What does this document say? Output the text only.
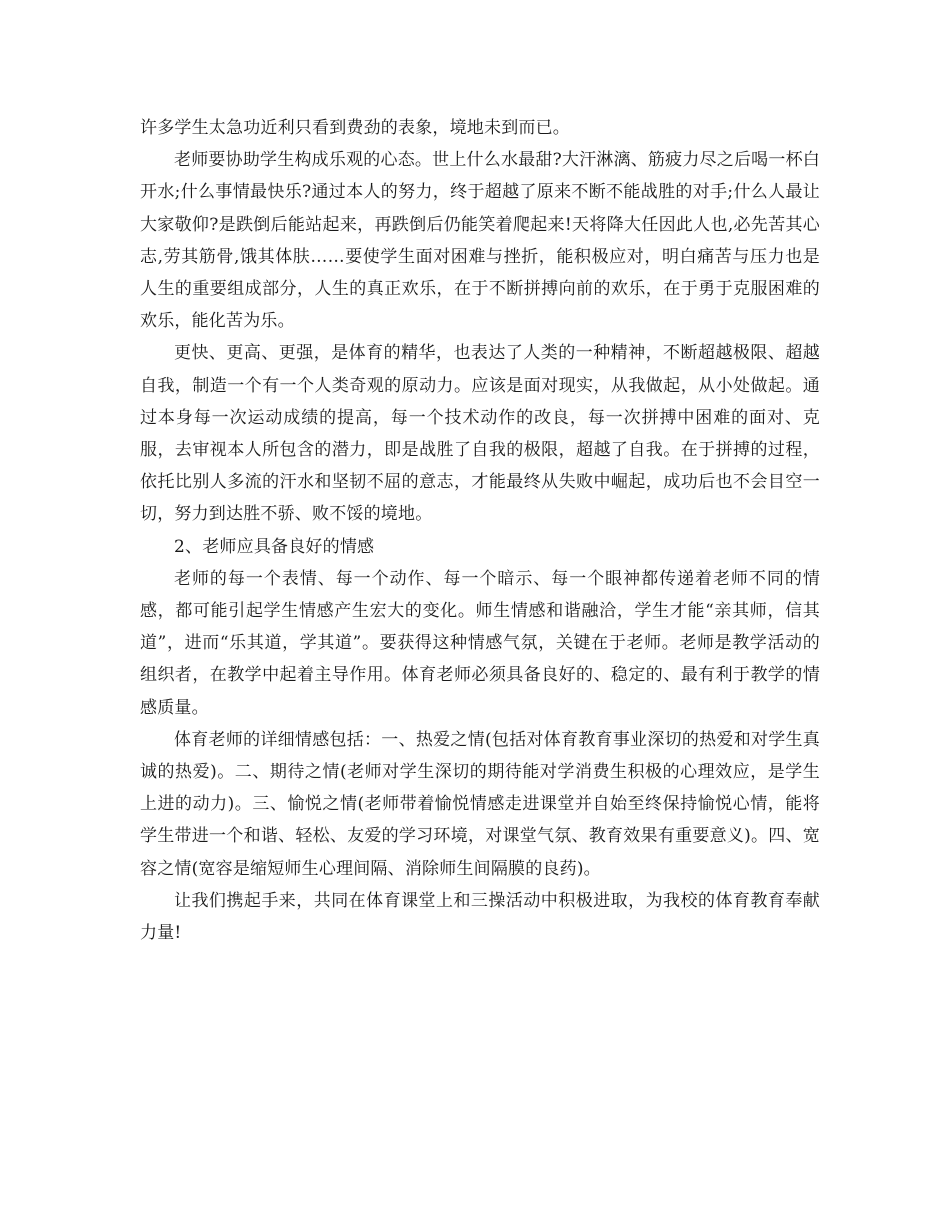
许多学生太急功近利只看到费劲的表象，境地未到而已。

老师要协助学生构成乐观的心态。世上什么水最甜?大汗淋漓、筋疲力尽之后喝一杯白开水;什么事情最快乐?通过本人的努力，终于超越了原来不断不能战胜的对手;什么人最让大家敬仰?是跌倒后能站起来，再跌倒后仍能笑着爬起来!天将降大任因此人也,必先苦其心志,劳其筋骨,饿其体肤……要使学生面对困难与挫折，能积极应对，明白痛苦与压力也是人生的重要组成部分，人生的真正欢乐，在于不断拼搏向前的欢乐，在于勇于克服困难的欢乐，能化苦为乐。

更快、更高、更强，是体育的精华，也表达了人类的一种精神，不断超越极限、超越自我，制造一个有一个人类奇观的原动力。应该是面对现实，从我做起，从小处做起。通过本身每一次运动成绩的提高，每一个技术动作的改良，每一次拼搏中困难的面对、克服，去审视本人所包含的潜力，即是战胜了自我的极限，超越了自我。在于拼搏的过程，依托比别人多流的汗水和坚韧不屈的意志，才能最终从失败中崛起，成功后也不会目空一切，努力到达胜不骄、败不馁的境地。

2、老师应具备良好的情感

老师的每一个表情、每一个动作、每一个暗示、每一个眼神都传递着老师不同的情感，都可能引起学生情感产生宏大的变化。师生情感和谐融洽，学生才能“亲其师，信其道”，进而“乐其道，学其道”。要获得这种情感气氛，关键在于老师。老师是教学活动的组织者，在教学中起着主导作用。体育老师必须具备良好的、稳定的、最有利于教学的情感质量。

体育老师的详细情感包括：一、热爱之情(包括对体育教育事业深切的热爱和对学生真诚的热爱)。二、期待之情(老师对学生深切的期待能对学消费生积极的心理效应，是学生上进的动力)。三、愉悦之情(老师带着愉悦情感走进课堂并自始至终保持愉悦心情，能将学生带进一个和谐、轻松、友爱的学习环境，对课堂气氛、教育效果有重要意义)。四、宽容之情(宽容是缩短师生心理间隔、消除师生间隔膜的良药)。

让我们携起手来，共同在体育课堂上和三操活动中积极进取，为我校的体育教育奉献力量!
